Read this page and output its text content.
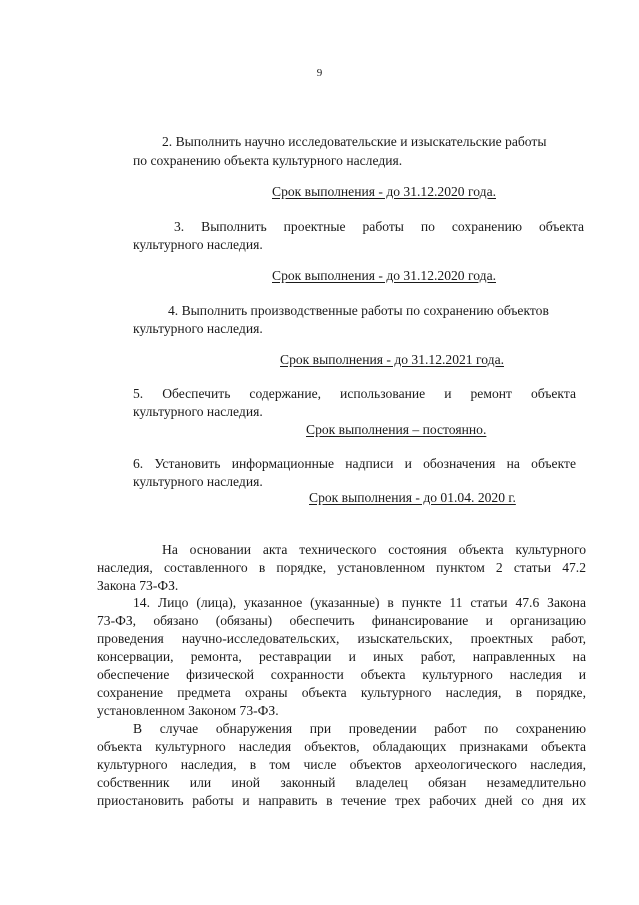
9
2. Выполнить научно исследовательские и изыскательские работы
по сохранению объекта культурного наследия.
Срок выполнения - до 31.12.2020 года.
3. Выполнить проектные работы по сохранению объекта
культурного наследия.
Срок выполнения - до 31.12.2020 года.
4. Выполнить производственные работы по сохранению объектов
культурного наследия.
Срок выполнения - до 31.12.2021 года.
5. Обеспечить содержание, использование и ремонт объекта
культурного наследия.
Срок выполнения – постоянно.
6. Установить информационные надписи и обозначения на объекте
культурного наследия.
Срок выполнения - до 01.04. 2020 г.
На основании акта технического состояния объекта культурного
наследия, составленного в порядке, установленном пунктом 2 статьи 47.2
Закона 73-ФЗ.
14. Лицо (лица), указанное (указанные) в пункте 11 статьи 47.6 Закона
73-ФЗ, обязано (обязаны) обеспечить финансирование и организацию
проведения научно-исследовательских, изыскательских, проектных работ,
консервации, ремонта, реставрации и иных работ, направленных на
обеспечение физической сохранности объекта культурного наследия и
сохранение предмета охраны объекта культурного наследия, в порядке,
установленном Законом 73-ФЗ.
В случае обнаружения при проведении работ по сохранению
объекта культурного наследия объектов, обладающих признаками объекта
культурного наследия, в том числе объектов археологического наследия,
собственник или иной законный владелец обязан незамедлительно
приостановить работы и направить в течение трех рабочих дней со дня их
